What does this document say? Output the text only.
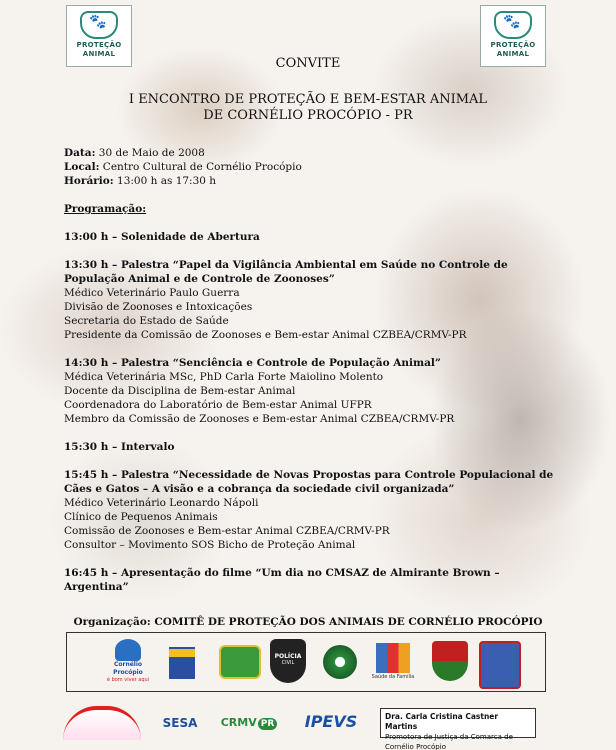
🐾
PROTEÇÃO
ANIMAL
🐾
PROTEÇÃO
ANIMAL
CONVITE
I ENCONTRO DE PROTEÇÃO E BEM-ESTAR ANIMAL
DE CORNÉLIO PROCÓPIO - PR

Data: 30 de Maio de 2008

Local: Centro Cultural de Cornélio Procópio

Horário: 13:00 h as 17:30 h

Programação:

13:00 h – Solenidade de Abertura

13:30 h – Palestra “Papel da Vigilância Ambiental em Saúde no Controle de População Animal e de Controle de Zoonoses”

Médico Veterinário Paulo Guerra

Divisão de Zoonoses e Intoxicações

Secretaria do Estado de Saúde

Presidente da Comissão de Zoonoses e Bem-estar Animal CZBEA/CRMV-PR

14:30 h – Palestra “Senciência e Controle de População Animal”

Médica Veterinária MSc, PhD Carla Forte Maiolino Molento

Docente da Disciplina de Bem-estar Animal

Coordenadora do Laboratório de Bem-estar Animal UFPR

Membro da Comissão de Zoonoses e Bem-estar Animal CZBEA/CRMV-PR

15:30 h – Intervalo

15:45 h – Palestra “Necessidade de Novas Propostas para Controle Populacional de Cães e Gatos – A visão e a cobrança da sociedade civil organizada”

Médico Veterinário Leonardo Nápoli

Clínico de Pequenos Animais

Comissão de Zoonoses e Bem-estar Animal CZBEA/CRMV-PR

Consultor – Movimento SOS Bicho de Proteção Animal

16:45 h – Apresentação do filme “Um dia no CMSAZ de Almirante Brown – Argentina”

Organização: COMITÊ DE PROTEÇÃO DOS ANIMAIS DE CORNÉLIO PROCÓPIO
Cornélio Procópio
é bom viver aqui
POLÍCIA
CIVIL
Saúde da Família
SESA	CRMV PR	IPEVS	Dra. Carla Cristina Castner Martins
Promotora de Justiça da Comarca de Cornélio Procópio
